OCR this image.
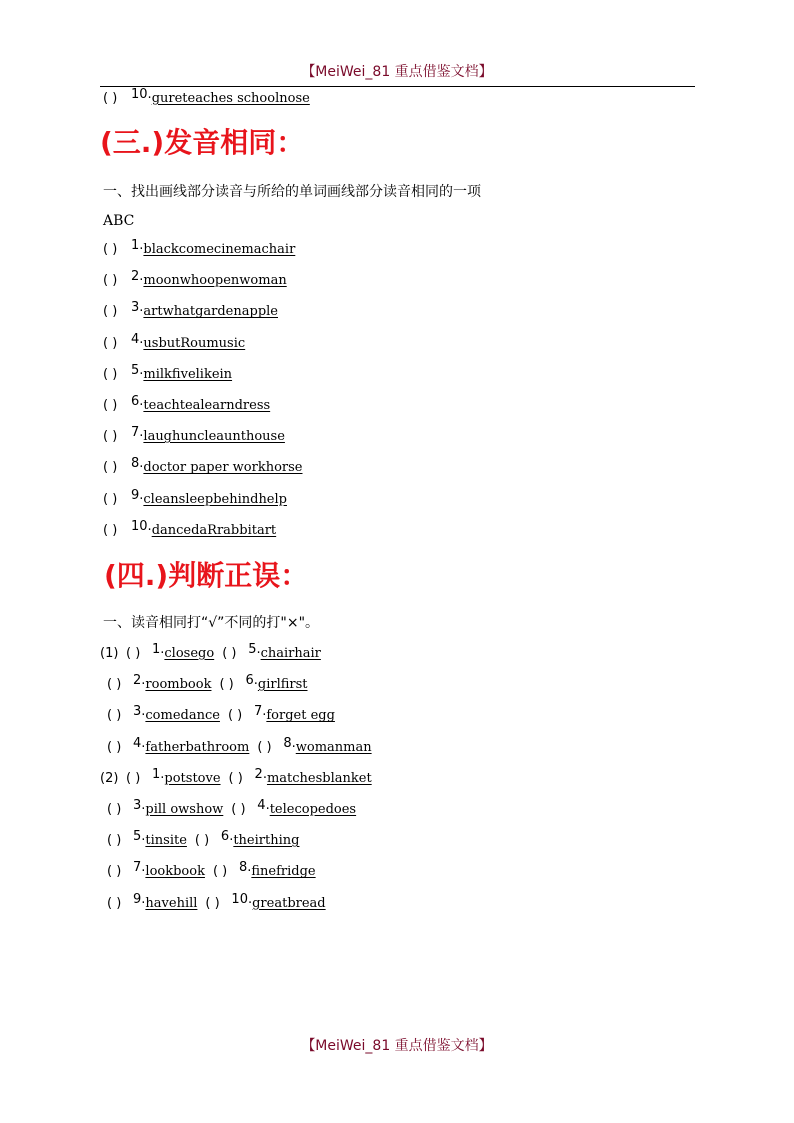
【MeiWei_81 重点借鉴文档】
( ) 10.gureteaches schoolnose
(三.)发音相同：
一、找出画线部分读音与所给的单词画线部分读音相同的一项
ABC
( ) 1.blackcomecinemachair
( ) 2.moonwhoopenwoman
( ) 3.artwhatgardenapple
( ) 4.usbutRoumusic
( ) 5.milkfivelikein
( ) 6.teachtealearndress
( ) 7.laughuncleaunthouse
( ) 8.doctor paper workhorse
( ) 9.cleansleepbehindhelp
( ) 10.dancedaRrabbitart
(四.)判断正误：
一、读音相同打“√”不同的打"×"。
(1) ( ) 1.closego ( ) 5.chairhair
( ) 2.roombook ( ) 6.girlfirst
( ) 3.comedance ( ) 7.forget egg
( ) 4.fatherbathroom ( ) 8.womanman
(2) ( ) 1.potstove ( ) 2.matchesblanket
( ) 3.pill owshow ( ) 4.telecopedoes
( ) 5.tinsite ( ) 6.theirthing
( ) 7.lookbook ( ) 8.finefridge
( ) 9.havehill ( ) 10.greatbread
【MeiWei_81 重点借鉴文档】
